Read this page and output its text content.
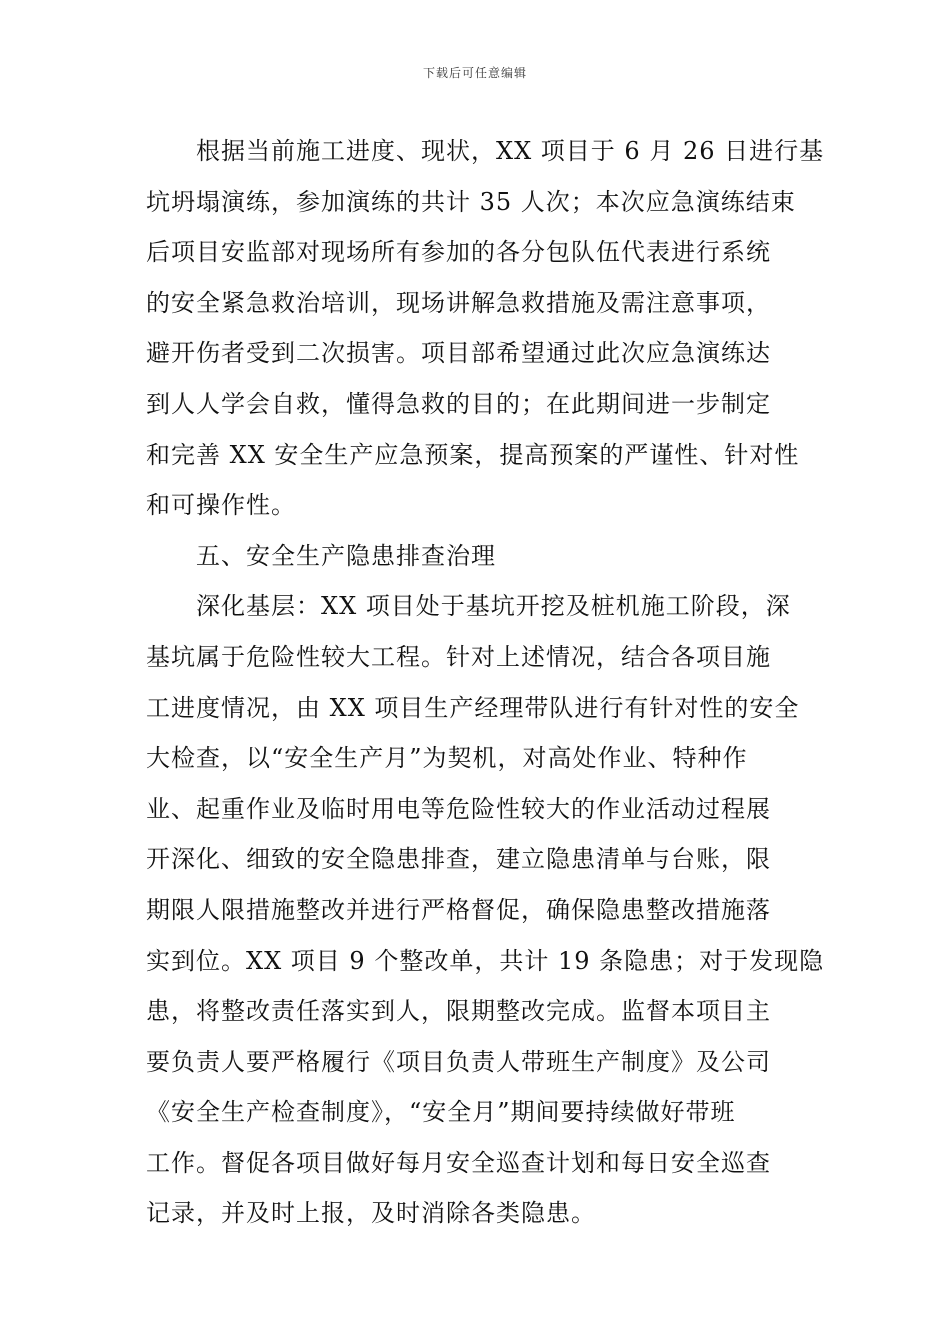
下载后可任意编辑

根据当前施工进度、现状，XX 项目于 6 月 26 日进行基
坑坍塌演练，参加演练的共计 35 人次；本次应急演练结束
后项目安监部对现场所有参加的各分包队伍代表进行系统
的安全紧急救治培训，现场讲解急救措施及需注意事项，
避开伤者受到二次损害。项目部希望通过此次应急演练达
到人人学会自救，懂得急救的目的；在此期间进一步制定
和完善 XX 安全生产应急预案，提高预案的严谨性、针对性
和可操作性。

五、安全生产隐患排查治理

深化基层：XX 项目处于基坑开挖及桩机施工阶段，深
基坑属于危险性较大工程。针对上述情况，结合各项目施
工进度情况，由 XX 项目生产经理带队进行有针对性的安全
大检查，以“安全生产月”为契机，对高处作业、特种作
业、起重作业及临时用电等危险性较大的作业活动过程展
开深化、细致的安全隐患排查，建立隐患清单与台账，限
期限人限措施整改并进行严格督促，确保隐患整改措施落
实到位。XX 项目 9 个整改单，共计 19 条隐患；对于发现隐
患，将整改责任落实到人，限期整改完成。监督本项目主
要负责人要严格履行《项目负责人带班生产制度》及公司
《安全生产检查制度》，“安全月”期间要持续做好带班
工作。督促各项目做好每月安全巡查计划和每日安全巡查
记录，并及时上报，及时消除各类隐患。
